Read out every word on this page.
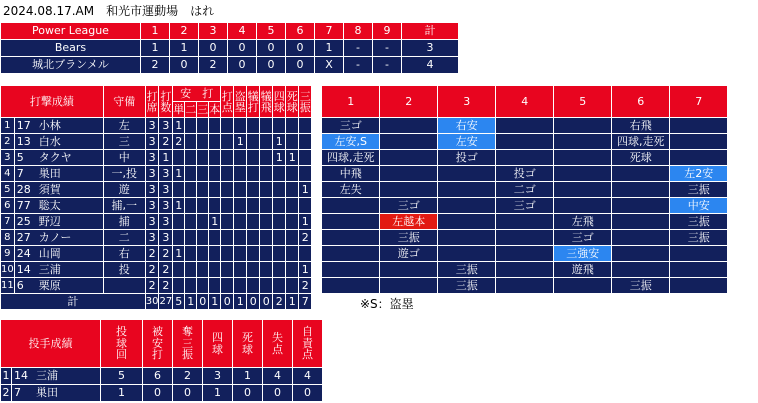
2024.08.17.AM　 和光市運動場　 はれ
Power League	1	2	3	4	5	6	7	8	9	計
Bears	1	1	0	0	0	0	1	-	-	3
城北ブランメル	2	0	2	0	0	0	X	-	-	4
打撃成績		守備	打席	打数	安　打				打点	盗塁	犠打	犠飛	四球	死球	三振		1	2	3	4	5	6	7
					単	二	三	本															
1	17 小林	左	3	3	1												三ゴ		右安			右飛	
2	13 白水	三	3	2	2					1			1				左安,S		左安			四球,走死	
3	5 タクヤ	中	3	1									1	1			四球,走死		投ゴ			死球	
4	7 巣田	一,投	3	3	1												中飛			投ゴ			左2安
5	28 須賀	遊	3	3											1		左失			二ゴ			三振
6	77 聡太	捕,一	3	3	1													三ゴ		三ゴ			中安
7	25 野辺	捕	3	3				1							1			左越本			左飛		三振
8	27 カノー	二	3	3											2			三振			三ゴ		三振
9	24 山岡	右	2	2	1													遊ゴ			三強安		
10	14 三浦	投	2	2											1				三振		遊飛		
11	6 栗原		2	2											2				三振			三振	
計			30	27	5	1	0	1	0	1	0	0	2	1	7									※S：盗塁
投手成績		投球回	被安打	奪三振	四球	死球	失点	自責点

1	14 三浦	5	6	2	3	1	4	4
2	7 巣田	1	0	0	1	0	0	0
